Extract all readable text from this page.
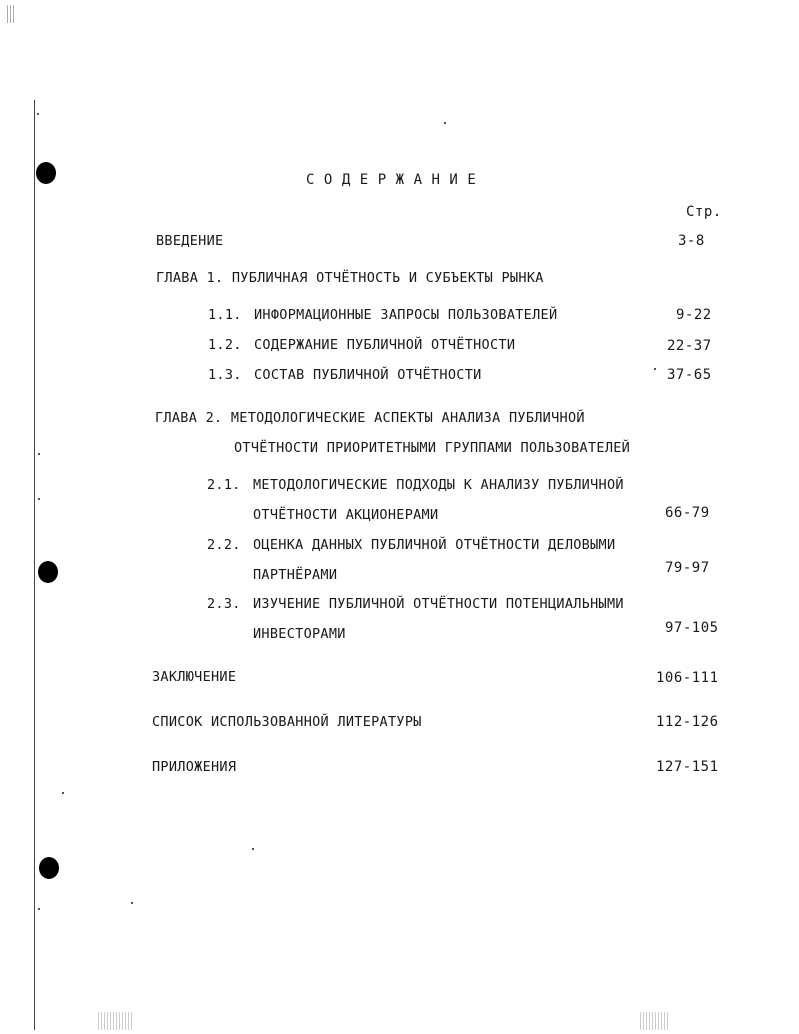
СОДЕРЖАНИЕ
Стр.
ВВЕДЕНИЕ	3-8
ГЛАВА 1. ПУБЛИЧНАЯ ОТЧЁТНОСТЬ И СУБЪЕКТЫ РЫНКА
1.1. ИНФОРМАЦИОННЫЕ ЗАПРОСЫ ПОЛЬЗОВАТЕЛЕЙ	9-22
1.2. СОДЕРЖАНИЕ ПУБЛИЧНОЙ ОТЧЁТНОСТИ	22-37
1.3. СОСТАВ ПУБЛИЧНОЙ ОТЧЁТНОСТИ	37-65
ГЛАВА 2. МЕТОДОЛОГИЧЕСКИЕ АСПЕКТЫ АНАЛИЗА ПУБЛИЧНОЙ
ОТЧЁТНОСТИ ПРИОРИТЕТНЫМИ ГРУППАМИ ПОЛЬЗОВАТЕЛЕЙ
2.1. МЕТОДОЛОГИЧЕСКИЕ ПОДХОДЫ К АНАЛИЗУ ПУБЛИЧНОЙ
ОТЧЁТНОСТИ АКЦИОНЕРАМИ	66-79
2.2. ОЦЕНКА ДАННЫХ ПУБЛИЧНОЙ ОТЧЁТНОСТИ ДЕЛОВЫМИ
ПАРТНЁРАМИ	79-97
2.3. ИЗУЧЕНИЕ ПУБЛИЧНОЙ ОТЧЁТНОСТИ ПОТЕНЦИАЛЬНЫМИ
ИНВЕСТОРАМИ	97-105
ЗАКЛЮЧЕНИЕ	106-111
СПИСОК ИСПОЛЬЗОВАННОЙ ЛИТЕРАТУРЫ	112-126
ПРИЛОЖЕНИЯ	127-151
